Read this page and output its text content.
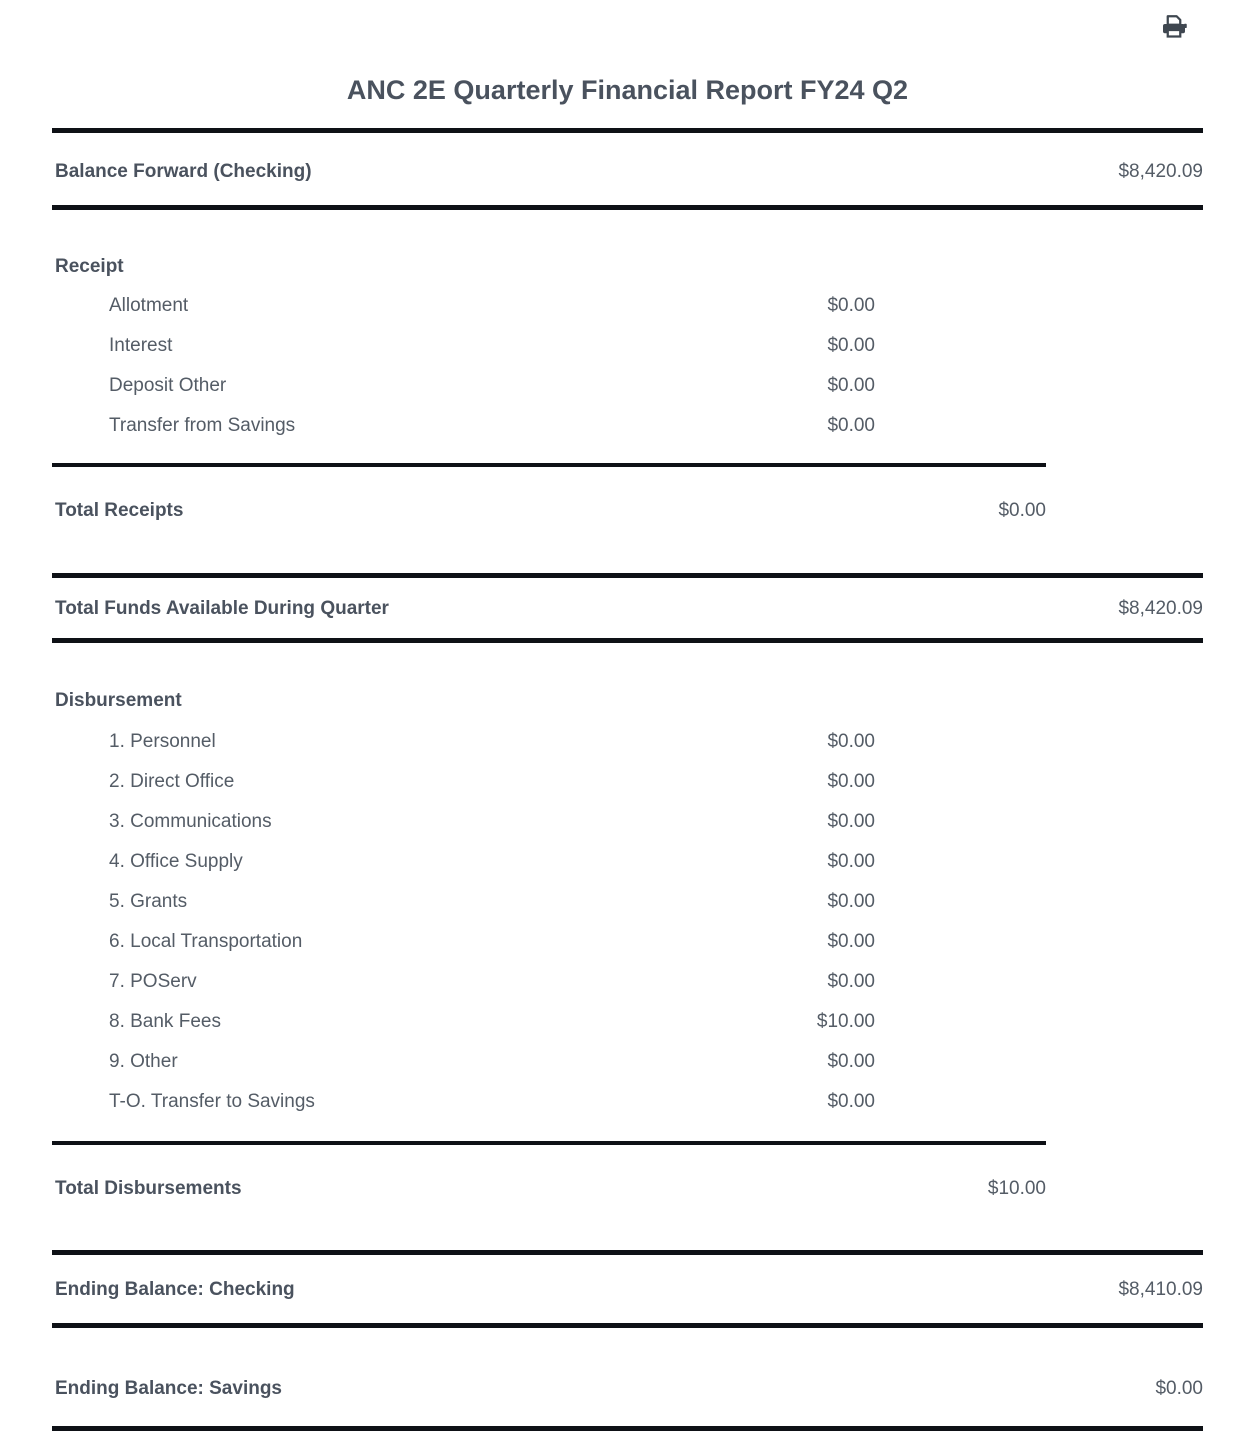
ANC 2E Quarterly Financial Report FY24 Q2
Balance Forward (Checking)	$8,420.09
Receipt
Allotment	$0.00
Interest	$0.00
Deposit Other	$0.00
Transfer from Savings	$0.00
Total Receipts	$0.00
Total Funds Available During Quarter	$8,420.09
Disbursement
1. Personnel	$0.00
2. Direct Office	$0.00
3. Communications	$0.00
4. Office Supply	$0.00
5. Grants	$0.00
6. Local Transportation	$0.00
7. POServ	$0.00
8. Bank Fees	$10.00
9. Other	$0.00
T-O. Transfer to Savings	$0.00
Total Disbursements	$10.00
Ending Balance: Checking	$8,410.09
Ending Balance: Savings	$0.00
